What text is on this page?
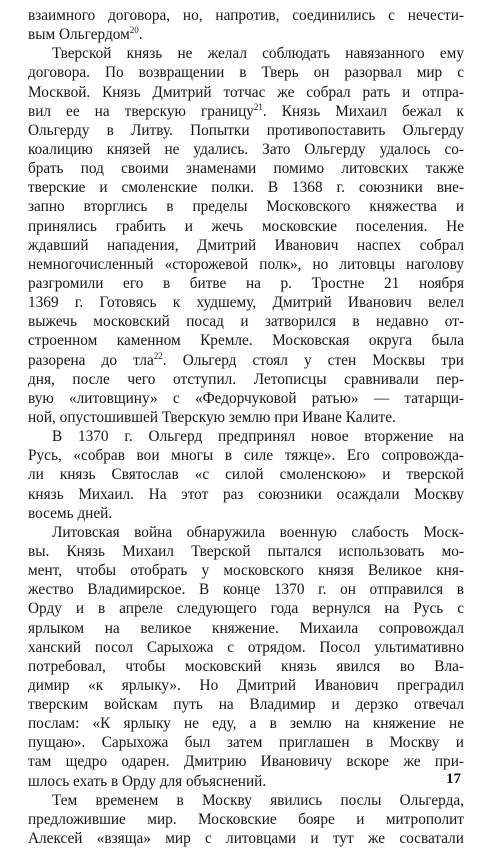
взаимного договора, но, напротив, соединились с нечести-
вым Ольгердом$^{20}$.
Тверской князь не желал соблюдать навязанного ему
договора. По возвращении в Тверь он разорвал мир с
Москвой. Князь Дмитрий тотчас же собрал рать и отпра-
вил ее на тверскую границу$^{21}$. Князь Михаил бежал к
Ольгерду в Литву. Попытки противопоставить Ольгерду
коалицию князей не удались. Зато Ольгерду удалось со-
брать под своими знаменами помимо литовских также
тверские и смоленские полки. В 1368 г. союзники вне-
запно вторглись в пределы Московского княжества и
принялись грабить и жечь московские поселения. Не
ждавший нападения, Дмитрий Иванович наспех собрал
немногочисленный «сторожевой полк», но литовцы наголову
разгромили его в битве на р. Тростне 21 ноября
1369 г. Готовясь к худшему, Дмитрий Иванович велел
выжечь московский посад и затворился в недавно от-
строенном каменном Кремле. Московская округа была
разорена до тла$^{22}$. Ольгерд стоял у стен Москвы три
дня, после чего отступил. Летописцы сравнивали пер-
вую «литовщину» с «Федорчуковой ратью» — татарщи-
ной, опустошившей Тверскую землю при Иване Калите.
В 1370 г. Ольгерд предпринял новое вторжение на
Русь, «собрав вои многы в силе тяжце». Его сопровожда-
ли князь Святослав «с силой смоленскою» и тверской
князь Михаил. На этот раз союзники осаждали Москву
восемь дней.
Литовская война обнаружила военную слабость Моск-
вы. Князь Михаил Тверской пытался использовать мо-
мент, чтобы отобрать у московского князя Великое кня-
жество Владимирское. В конце 1370 г. он отправился в
Орду и в апреле следующего года вернулся на Русь с
ярлыком на великое княжение. Михаила сопровождал
ханский посол Сарыхожа с отрядом. Посол ультимативно
потребовал, чтобы московский князь явился во Вла-
димир «к ярлыку». Но Дмитрий Иванович преградил
тверским войскам путь на Владимир и дерзко отвечал
послам: «К ярлыку не еду, а в землю на княжение не
пущаю». Сарыхожа был затем приглашен в Москву и
там щедро одарен. Дмитрию Ивановичу вскоре же при-
шлось ехать в Орду для объяснений.
Тем временем в Москву явились послы Ольгерда,
предложившие мир. Московские бояре и митрополит
Алексей «взяща» мир с литовцами и тут же сосватали
17
